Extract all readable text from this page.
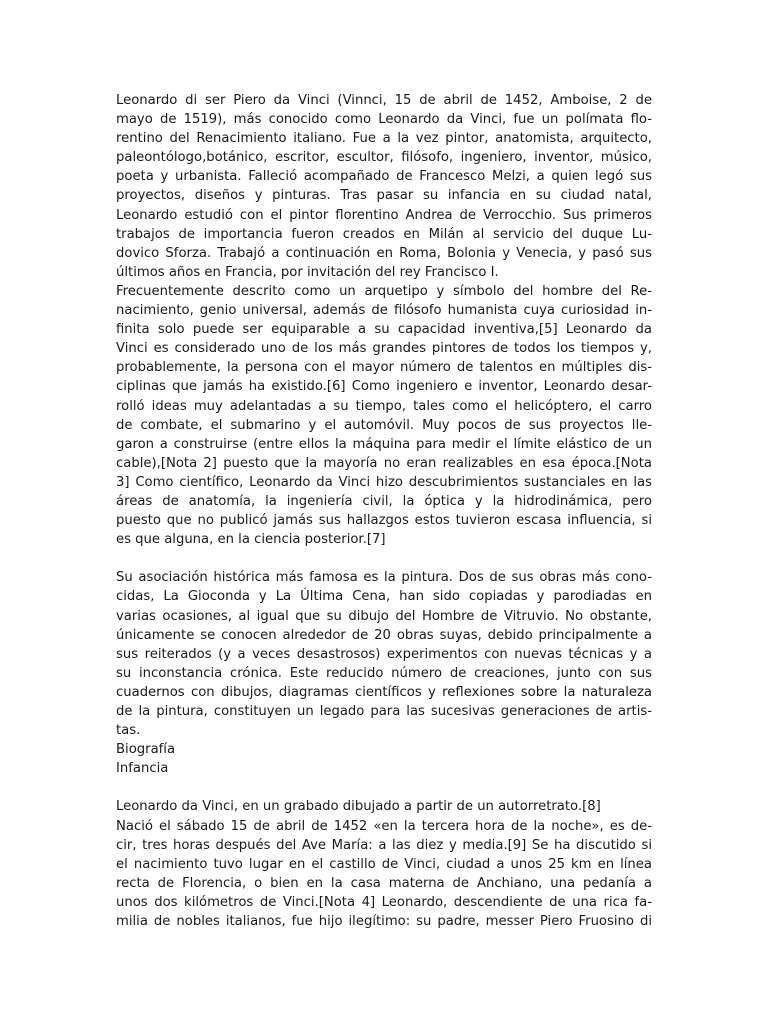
Leonardo di ser Piero da Vinci (Vinnci, 15 de abril de 1452, Amboise, 2 de
mayo de 1519), más conocido como Leonardo da Vinci, fue un polímata flo-
rentino del Renacimiento italiano. Fue a la vez pintor, anatomista, arquitecto,
paleontólogo,botánico, escritor, escultor, filósofo, ingeniero, inventor, músico,
poeta y urbanista. Falleció acompañado de Francesco Melzi, a quien legó sus
proyectos, diseños y pinturas. Tras pasar su infancia en su ciudad natal,
Leonardo estudió con el pintor florentino Andrea de Verrocchio. Sus primeros
trabajos de importancia fueron creados en Milán al servicio del duque Lu-
dovico Sforza. Trabajó a continuación en Roma, Bolonia y Venecia, y pasó sus
últimos años en Francia, por invitación del rey Francisco I.
Frecuentemente descrito como un arquetipo y símbolo del hombre del Re-
nacimiento, genio universal, además de filósofo humanista cuya curiosidad in-
finita solo puede ser equiparable a su capacidad inventiva,[5] Leonardo da
Vinci es considerado uno de los más grandes pintores de todos los tiempos y,
probablemente, la persona con el mayor número de talentos en múltiples dis-
ciplinas que jamás ha existido.[6] Como ingeniero e inventor, Leonardo desar-
rolló ideas muy adelantadas a su tiempo, tales como el helicóptero, el carro
de combate, el submarino y el automóvil. Muy pocos de sus proyectos lle-
garon a construirse (entre ellos la máquina para medir el límite elástico de un
cable),[Nota 2] puesto que la mayoría no eran realizables en esa época.[Nota
3] Como científico, Leonardo da Vinci hizo descubrimientos sustanciales en las
áreas de anatomía, la ingeniería civil, la óptica y la hidrodinámica, pero
puesto que no publicó jamás sus hallazgos estos tuvieron escasa influencia, si
es que alguna, en la ciencia posterior.[7]
Su asociación histórica más famosa es la pintura. Dos de sus obras más cono-
cidas, La Gioconda y La Última Cena, han sido copiadas y parodiadas en
varias ocasiones, al igual que su dibujo del Hombre de Vitruvio. No obstante,
únicamente se conocen alrededor de 20 obras suyas, debido principalmente a
sus reiterados (y a veces desastrosos) experimentos con nuevas técnicas y a
su inconstancia crónica. Este reducido número de creaciones, junto con sus
cuadernos con dibujos, diagramas científicos y reflexiones sobre la naturaleza
de la pintura, constituyen un legado para las sucesivas generaciones de artis-
tas.
Biografía
Infancia
Leonardo da Vinci, en un grabado dibujado a partir de un autorretrato.[8]
Nació el sábado 15 de abril de 1452 «en la tercera hora de la noche», es de-
cir, tres horas después del Ave María: a las diez y media.[9] Se ha discutido si
el nacimiento tuvo lugar en el castillo de Vinci, ciudad a unos 25 km en línea
recta de Florencia, o bien en la casa materna de Anchiano, una pedanía a
unos dos kilómetros de Vinci.[Nota 4] Leonardo, descendiente de una rica fa-
milia de nobles italianos, fue hijo ilegítimo: su padre, messer Piero Fruosino di
